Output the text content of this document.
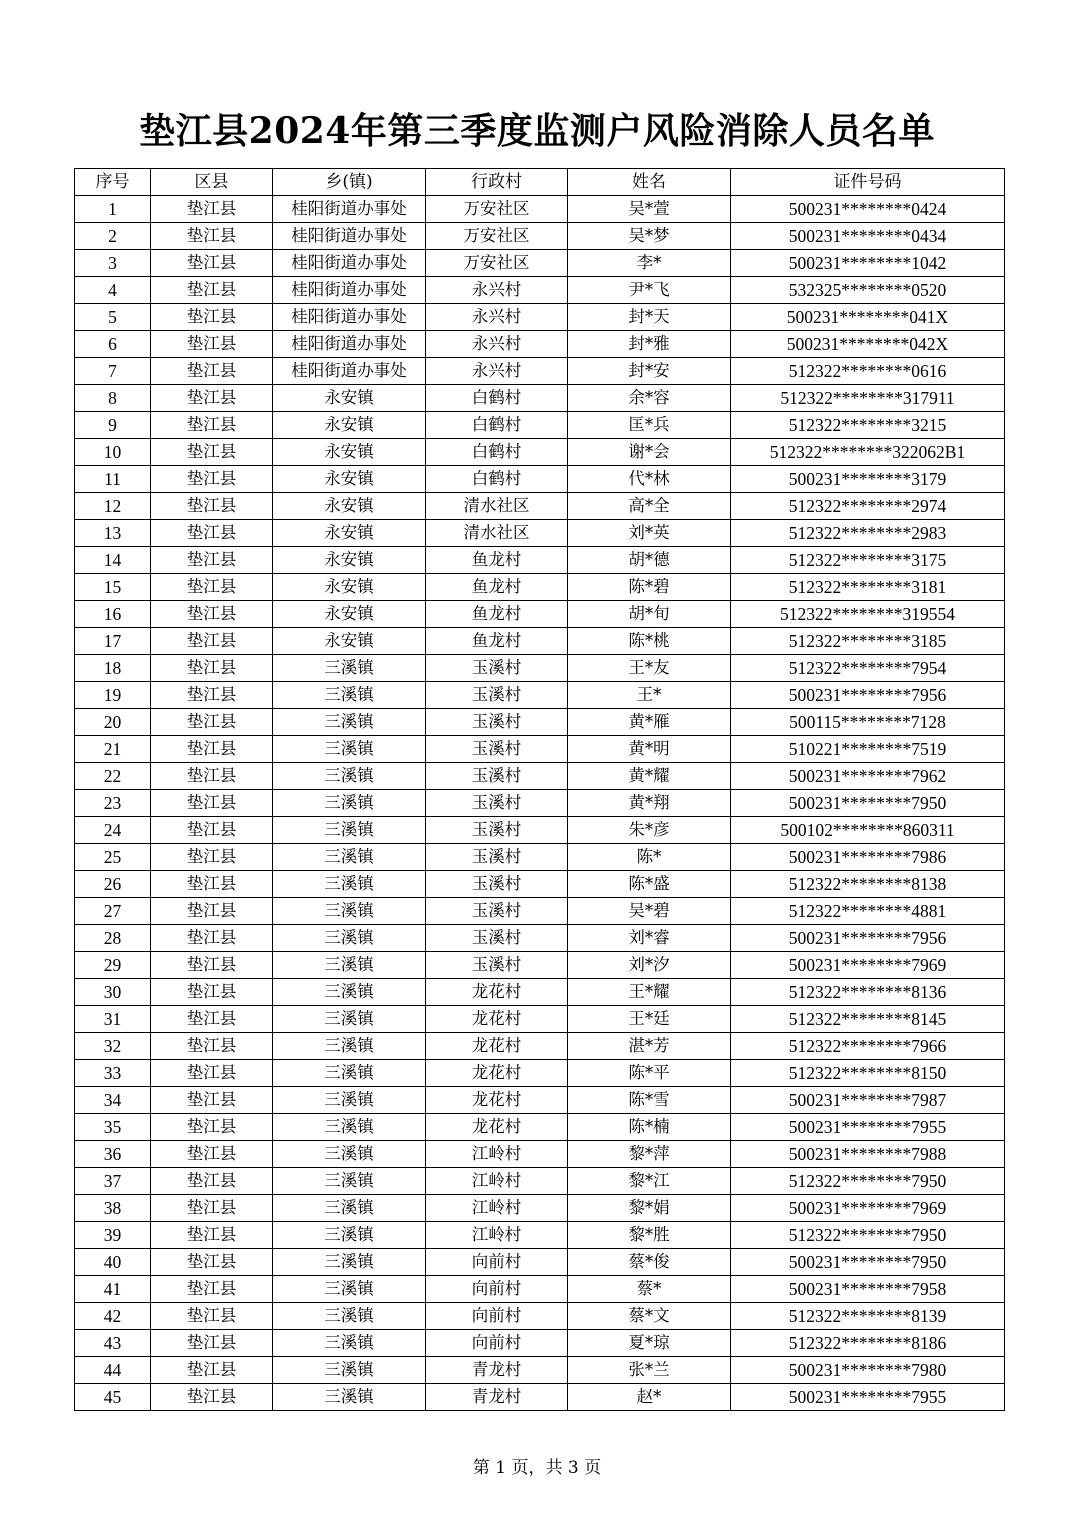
垫江县2024年第三季度监测户风险消除人员名单
序号	区县	乡(镇)	行政村	姓名	证件号码
1	垫江县	桂阳街道办事处	万安社区	吴*萱	500231********0424
2	垫江县	桂阳街道办事处	万安社区	吴*梦	500231********0434
3	垫江县	桂阳街道办事处	万安社区	李*	500231********1042
4	垫江县	桂阳街道办事处	永兴村	尹*飞	532325********0520
5	垫江县	桂阳街道办事处	永兴村	封*天	500231********041X
6	垫江县	桂阳街道办事处	永兴村	封*雅	500231********042X
7	垫江县	桂阳街道办事处	永兴村	封*安	512322********0616
8	垫江县	永安镇	白鹤村	余*容	512322********317911
9	垫江县	永安镇	白鹤村	匡*兵	512322********3215
10	垫江县	永安镇	白鹤村	谢*会	512322********322062B1
11	垫江县	永安镇	白鹤村	代*林	500231********3179
12	垫江县	永安镇	清水社区	高*全	512322********2974
13	垫江县	永安镇	清水社区	刘*英	512322********2983
14	垫江县	永安镇	鱼龙村	胡*德	512322********3175
15	垫江县	永安镇	鱼龙村	陈*碧	512322********3181
16	垫江县	永安镇	鱼龙村	胡*旬	512322********319554
17	垫江县	永安镇	鱼龙村	陈*桃	512322********3185
18	垫江县	三溪镇	玉溪村	王*友	512322********7954
19	垫江县	三溪镇	玉溪村	王*	500231********7956
20	垫江县	三溪镇	玉溪村	黄*雁	500115********7128
21	垫江县	三溪镇	玉溪村	黄*明	510221********7519
22	垫江县	三溪镇	玉溪村	黄*耀	500231********7962
23	垫江县	三溪镇	玉溪村	黄*翔	500231********7950
24	垫江县	三溪镇	玉溪村	朱*彦	500102********860311
25	垫江县	三溪镇	玉溪村	陈*	500231********7986
26	垫江县	三溪镇	玉溪村	陈*盛	512322********8138
27	垫江县	三溪镇	玉溪村	吴*碧	512322********4881
28	垫江县	三溪镇	玉溪村	刘*睿	500231********7956
29	垫江县	三溪镇	玉溪村	刘*汐	500231********7969
30	垫江县	三溪镇	龙花村	王*耀	512322********8136
31	垫江县	三溪镇	龙花村	王*廷	512322********8145
32	垫江县	三溪镇	龙花村	湛*芳	512322********7966
33	垫江县	三溪镇	龙花村	陈*平	512322********8150
34	垫江县	三溪镇	龙花村	陈*雪	500231********7987
35	垫江县	三溪镇	龙花村	陈*楠	500231********7955
36	垫江县	三溪镇	江岭村	黎*萍	500231********7988
37	垫江县	三溪镇	江岭村	黎*江	512322********7950
38	垫江县	三溪镇	江岭村	黎*娟	500231********7969
39	垫江县	三溪镇	江岭村	黎*胜	512322********7950
40	垫江县	三溪镇	向前村	蔡*俊	500231********7950
41	垫江县	三溪镇	向前村	蔡*	500231********7958
42	垫江县	三溪镇	向前村	蔡*文	512322********8139
43	垫江县	三溪镇	向前村	夏*琼	512322********8186
44	垫江县	三溪镇	青龙村	张*兰	500231********7980
45	垫江县	三溪镇	青龙村	赵*	500231********7955
第 1 页，共 3 页
